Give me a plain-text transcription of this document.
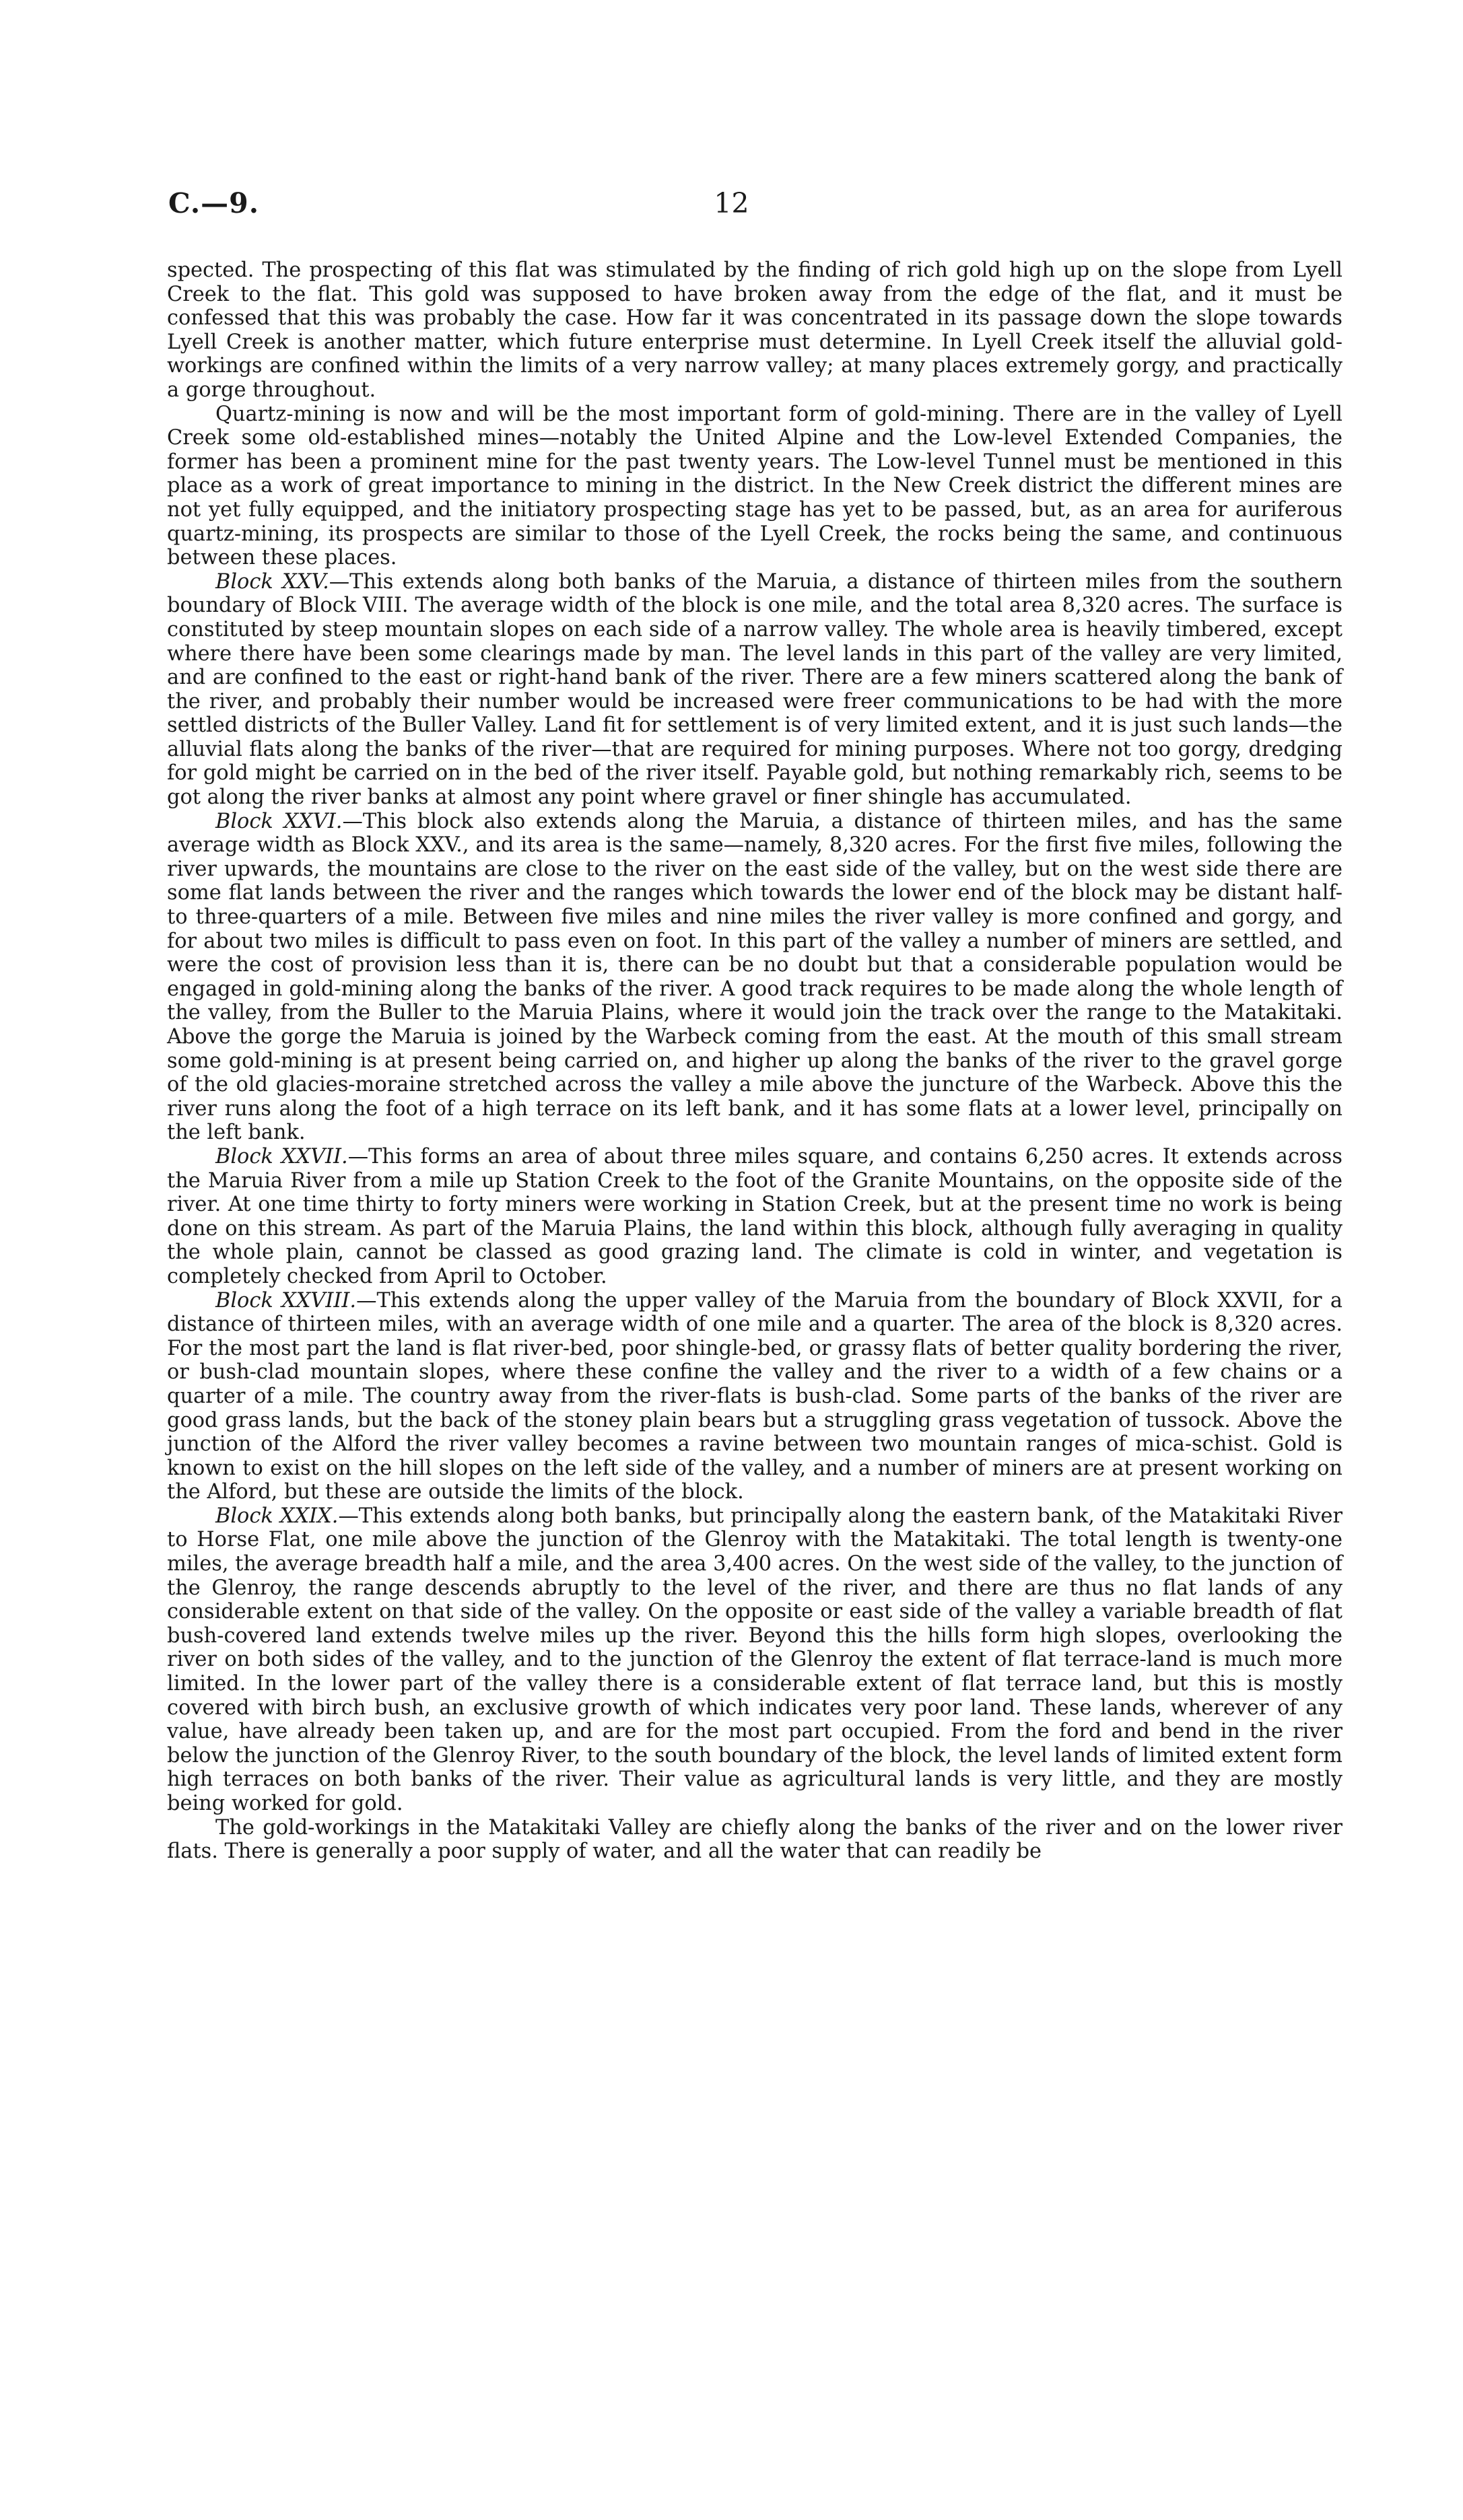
C.—9.	12

spected. The prospecting of this flat was stimulated by the finding of rich gold high up on the slope from Lyell Creek to the flat. This gold was supposed to have broken away from the edge of the flat, and it must be confessed that this was probably the case. How far it was concentrated in its passage down the slope towards Lyell Creek is another matter, which future enterprise must determine. In Lyell Creek itself the alluvial gold-workings are confined within the limits of a very narrow valley; at many places extremely gorgy, and practically a gorge throughout.

Quartz-mining is now and will be the most important form of gold-mining. There are in the valley of Lyell Creek some old-established mines—notably the United Alpine and the Low-level Extended Companies, the former has been a prominent mine for the past twenty years. The Low-level Tunnel must be mentioned in this place as a work of great importance to mining in the district. In the New Creek district the different mines are not yet fully equipped, and the initiatory prospecting stage has yet to be passed, but, as an area for auriferous quartz-mining, its prospects are similar to those of the Lyell Creek, the rocks being the same, and continuous between these places.

Block XXV.—This extends along both banks of the Maruia, a distance of thirteen miles from the southern boundary of Block VIII. The average width of the block is one mile, and the total area 8,320 acres. The surface is constituted by steep mountain slopes on each side of a narrow valley. The whole area is heavily timbered, except where there have been some clearings made by man. The level lands in this part of the valley are very limited, and are confined to the east or right-hand bank of the river. There are a few miners scattered along the bank of the river, and probably their number would be increased were freer communications to be had with the more settled districts of the Buller Valley. Land fit for settlement is of very limited extent, and it is just such lands—the alluvial flats along the banks of the river—that are required for mining purposes. Where not too gorgy, dredging for gold might be carried on in the bed of the river itself. Payable gold, but nothing remarkably rich, seems to be got along the river banks at almost any point where gravel or finer shingle has accumulated.

Block XXVI.—This block also extends along the Maruia, a distance of thirteen miles, and has the same average width as Block XXV., and its area is the same—namely, 8,320 acres. For the first five miles, following the river upwards, the mountains are close to the river on the east side of the valley, but on the west side there are some flat lands between the river and the ranges which towards the lower end of the block may be distant half- to three-quarters of a mile. Between five miles and nine miles the river valley is more confined and gorgy, and for about two miles is difficult to pass even on foot. In this part of the valley a number of miners are settled, and were the cost of provision less than it is, there can be no doubt but that a considerable population would be engaged in gold-mining along the banks of the river. A good track requires to be made along the whole length of the valley, from the Buller to the Maruia Plains, where it would join the track over the range to the Matakitaki. Above the gorge the Maruia is joined by the Warbeck coming from the east. At the mouth of this small stream some gold-mining is at present being carried on, and higher up along the banks of the river to the gravel gorge of the old glacies-moraine stretched across the valley a mile above the juncture of the Warbeck. Above this the river runs along the foot of a high terrace on its left bank, and it has some flats at a lower level, principally on the left bank.

Block XXVII.—This forms an area of about three miles square, and contains 6,250 acres. It extends across the Maruia River from a mile up Station Creek to the foot of the Granite Mountains, on the opposite side of the river. At one time thirty to forty miners were working in Station Creek, but at the present time no work is being done on this stream. As part of the Maruia Plains, the land within this block, although fully averaging in quality the whole plain, cannot be classed as good grazing land. The climate is cold in winter, and vegetation is completely checked from April to October.

Block XXVIII.—This extends along the upper valley of the Maruia from the boundary of Block XXVII, for a distance of thirteen miles, with an average width of one mile and a quarter. The area of the block is 8,320 acres. For the most part the land is flat river-bed, poor shingle-bed, or grassy flats of better quality bordering the river, or bush-clad mountain slopes, where these confine the valley and the river to a width of a few chains or a quarter of a mile. The country away from the river-flats is bush-clad. Some parts of the banks of the river are good grass lands, but the back of the stoney plain bears but a struggling grass vegetation of tussock. Above the junction of the Alford the river valley becomes a ravine between two mountain ranges of mica-schist. Gold is known to exist on the hill slopes on the left side of the valley, and a number of miners are at present working on the Alford, but these are outside the limits of the block.

Block XXIX.—This extends along both banks, but principally along the eastern bank, of the Matakitaki River to Horse Flat, one mile above the junction of the Glenroy with the Matakitaki. The total length is twenty-one miles, the average breadth half a mile, and the area 3,400 acres. On the west side of the valley, to the junction of the Glenroy, the range descends abruptly to the level of the river, and there are thus no flat lands of any considerable extent on that side of the valley. On the opposite or east side of the valley a variable breadth of flat bush-covered land extends twelve miles up the river. Beyond this the hills form high slopes, overlooking the river on both sides of the valley, and to the junction of the Glenroy the extent of flat terrace-land is much more limited. In the lower part of the valley there is a considerable extent of flat terrace land, but this is mostly covered with birch bush, an exclusive growth of which indicates very poor land. These lands, wherever of any value, have already been taken up, and are for the most part occupied. From the ford and bend in the river below the junction of the Glenroy River, to the south boundary of the block, the level lands of limited extent form high terraces on both banks of the river. Their value as agricultural lands is very little, and they are mostly being worked for gold.

The gold-workings in the Matakitaki Valley are chiefly along the banks of the river and on the lower river flats. There is generally a poor supply of water, and all the water that can readily be
